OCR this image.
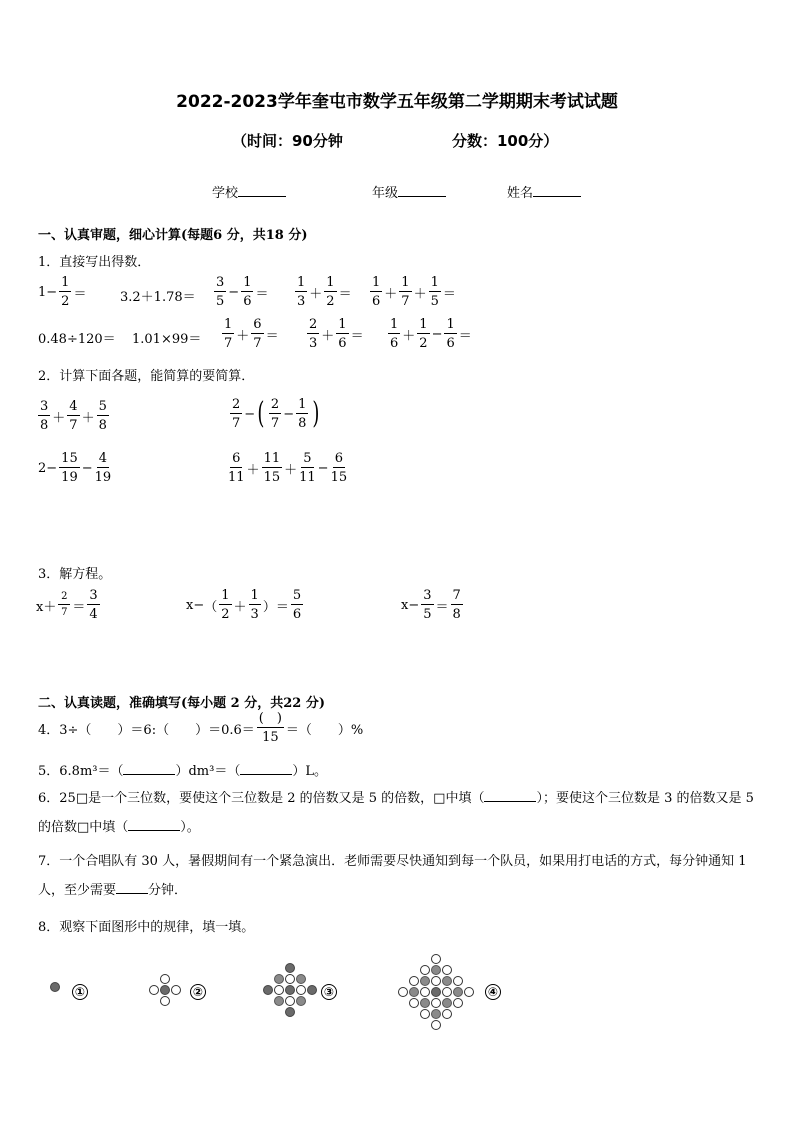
2022-2023学年奎屯市数学五年级第二学期期末考试试题
（时间：90分钟	分数：100分）
学校	年级	姓名
一、认真审题，细心计算(每题6 分，共18 分)
1．直接写出得数．
$1- \frac{1}{2}$ ＝	$3.2+1.78= \frac{3}{5} - \frac{1}{6} = \frac{1}{3} + \frac{1}{2} = \frac{1}{6} + \frac{1}{7} + \frac{1}{5}$ ＝
$0.48\div 120= 1.01\times 99= \frac{1}{7} + \frac{6}{7} = \frac{2}{3} + \frac{1}{6} = \frac{1}{6} + \frac{1}{2} - \frac{1}{6}$ ＝
2．计算下面各题，能简算的要简算．
$\frac{3}{8} + \frac{4}{7} + \frac{5}{8}$	$\frac{2}{7}$ − ( $\frac{2}{7} - \frac{1}{8}$ )
$2- \frac{15}{19} - \frac{4}{19}$	$\frac{6}{11} + \frac{11}{15} + \frac{5}{11} - \frac{6}{15}$
3．解方程。
$x+ \frac{2}{7} = \frac{3}{4}$	x− （ $\frac{1}{2} + \frac{1}{3}$ ） ＝ $\frac{5}{6}$	$x- \frac{3}{5} = \frac{7}{8}$
二、认真读题，准确填写(每小题 2 分，共22 分)
4．3÷（　　）＝6:（　　）$=0.6= \frac{( )}{15}$ ＝（　　）%
5．6.8m³＝（	）dm³＝（	）L。
6．25□是一个三位数，要使这个三位数是 2 的倍数又是 5 的倍数，□中填（	）；要使这个三位数是 3 的倍数又是 5 的倍数□中填（	）。
7．一个合唱队有 30 人，暑假期间有一个紧急演出．老师需要尽快通知到每一个队员，如果用打电话的方式，每分钟通知 1 人，至少需要 分钟．
8．观察下面图形中的规律，填一填。
①	②	③	④
